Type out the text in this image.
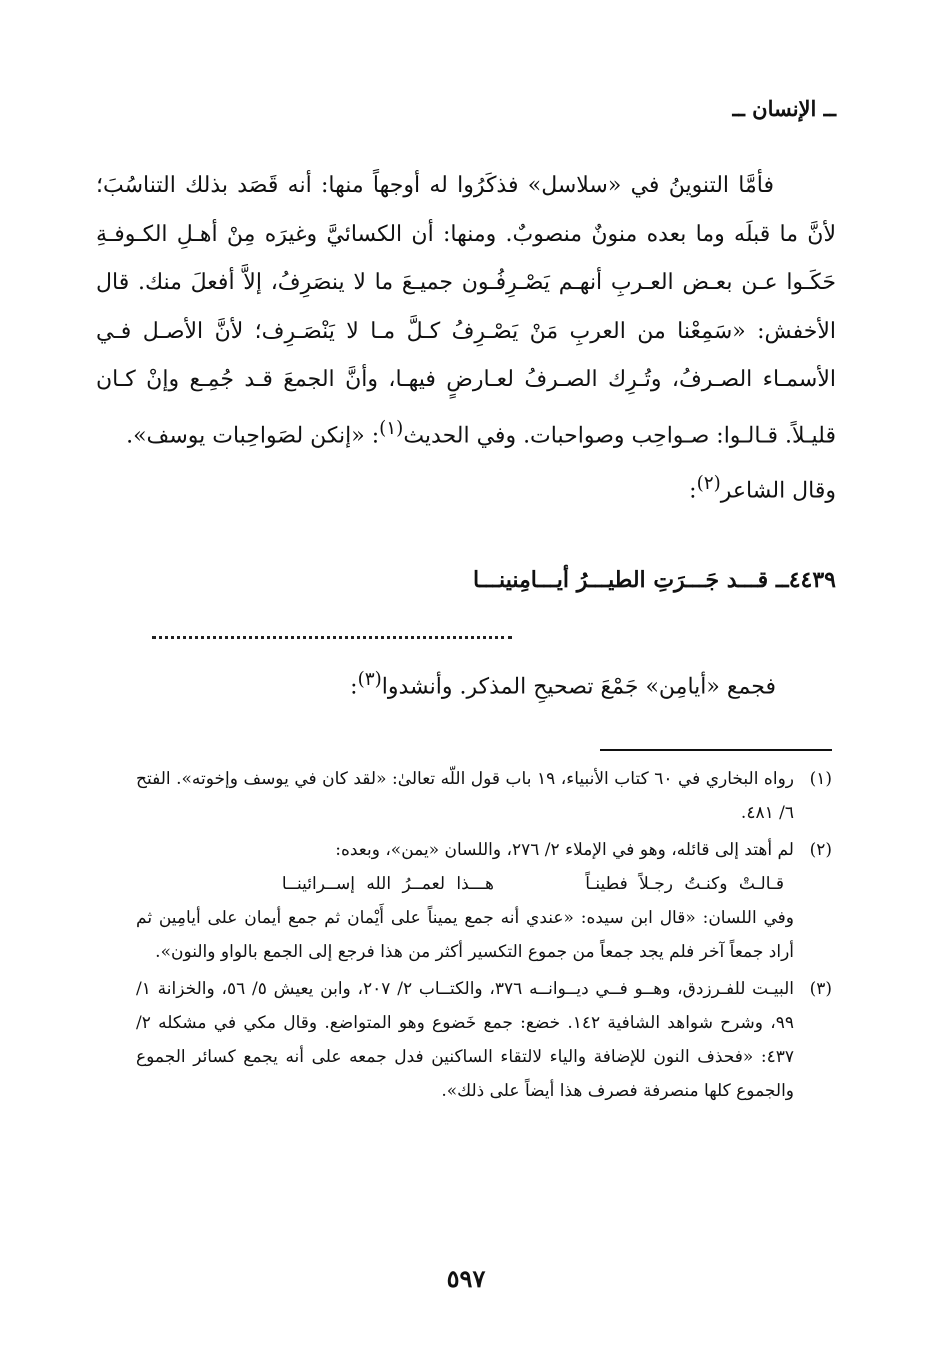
ــ الإنسان ــ

فأمَّا التنوينُ في «سلاسل» فذكَرُوا له أوجهاً منها: أنه قَصَد بذلك التناسُبَ؛ لأنَّ ما قبلَه وما بعده منونٌ منصوبٌ. ومنها: أن الكسائيَّ وغيرَه مِنْ أهـلِ الكـوفـةِ حَكَـوا عـن بعـض العـربِ أنهـم يَصْـرِفُـون جميـعَ ما لا ينصَرِفُ، إلاَّ أفعلَ منك. قال الأخفش: «سَمِعْنا من العربِ مَنْ يَصْـرِفُ كـلَّ مـا لا يَنْصَـرِف؛ لأنَّ الأصـل فـي الأسمـاء الصـرفُ، وتُـرِك الصـرفُ لعـارضٍ فيهـا، وأنَّ الجمعَ قـد جُمِـع وإنْ كـان قليـلاً. قـالـوا: صـواحِب وصواحبات. وفي الحديث$^{(١)}$: «إنكن لصَواحِبات يوسف».

وقال الشاعر$^{(٢)}$:

٤٤٣٩ــ قـــد جَـــرَتِ الطيـــرُ أيـــامِنينـــا
فجمع «أيامِن» جَمْعَ تصحيحِ المذكر. وأنشدوا$^{(٣)}$:
(١)
رواه البخاري في ٦٠ كتاب الأنبياء، ١٩ باب قول اللّه تعالىٰ: «لقد كان في يوسف وإخوته». الفتح ٦/ ٤٨١.
(٢)
لم أهتد إلى قائله، وهو في الإملاء ٢/ ٢٧٦، واللسان «يمن»، وبعده:
قـالـتْ وكنـتُ رجـلاً فطينـاً        هـــذا لعمــرُ الله إســرائينــا
وفي اللسان: «قال ابن سيده: «عندي أنه جمع يميناً على أَيْمان ثم جمع أيمان على أيامِين ثم أراد جمعاً آخر فلم يجد جمعاً من جموع التكسير أكثر من هذا فرجع إلى الجمع بالواو والنون».
(٣)
البيـت للفـرزدق، وهــو فــي ديــوانــه ٣٧٦، والكتــاب ٢/ ٢٠٧، وابن يعيش ٥/ ٥٦، والخزانة ١/ ٩٩، وشرح شواهد الشافية ١٤٢. خضع: جمع خَضوع وهو المتواضع. وقال مكي في مشكله ٢/ ٤٣٧: «فحذف النون للإضافة والياء لالتقاء الساكنين فدل جمعه على أنه يجمع كسائر الجموع والجموع كلها منصرفة فصرف هذا أيضاً على ذلك».
٥٩٧
